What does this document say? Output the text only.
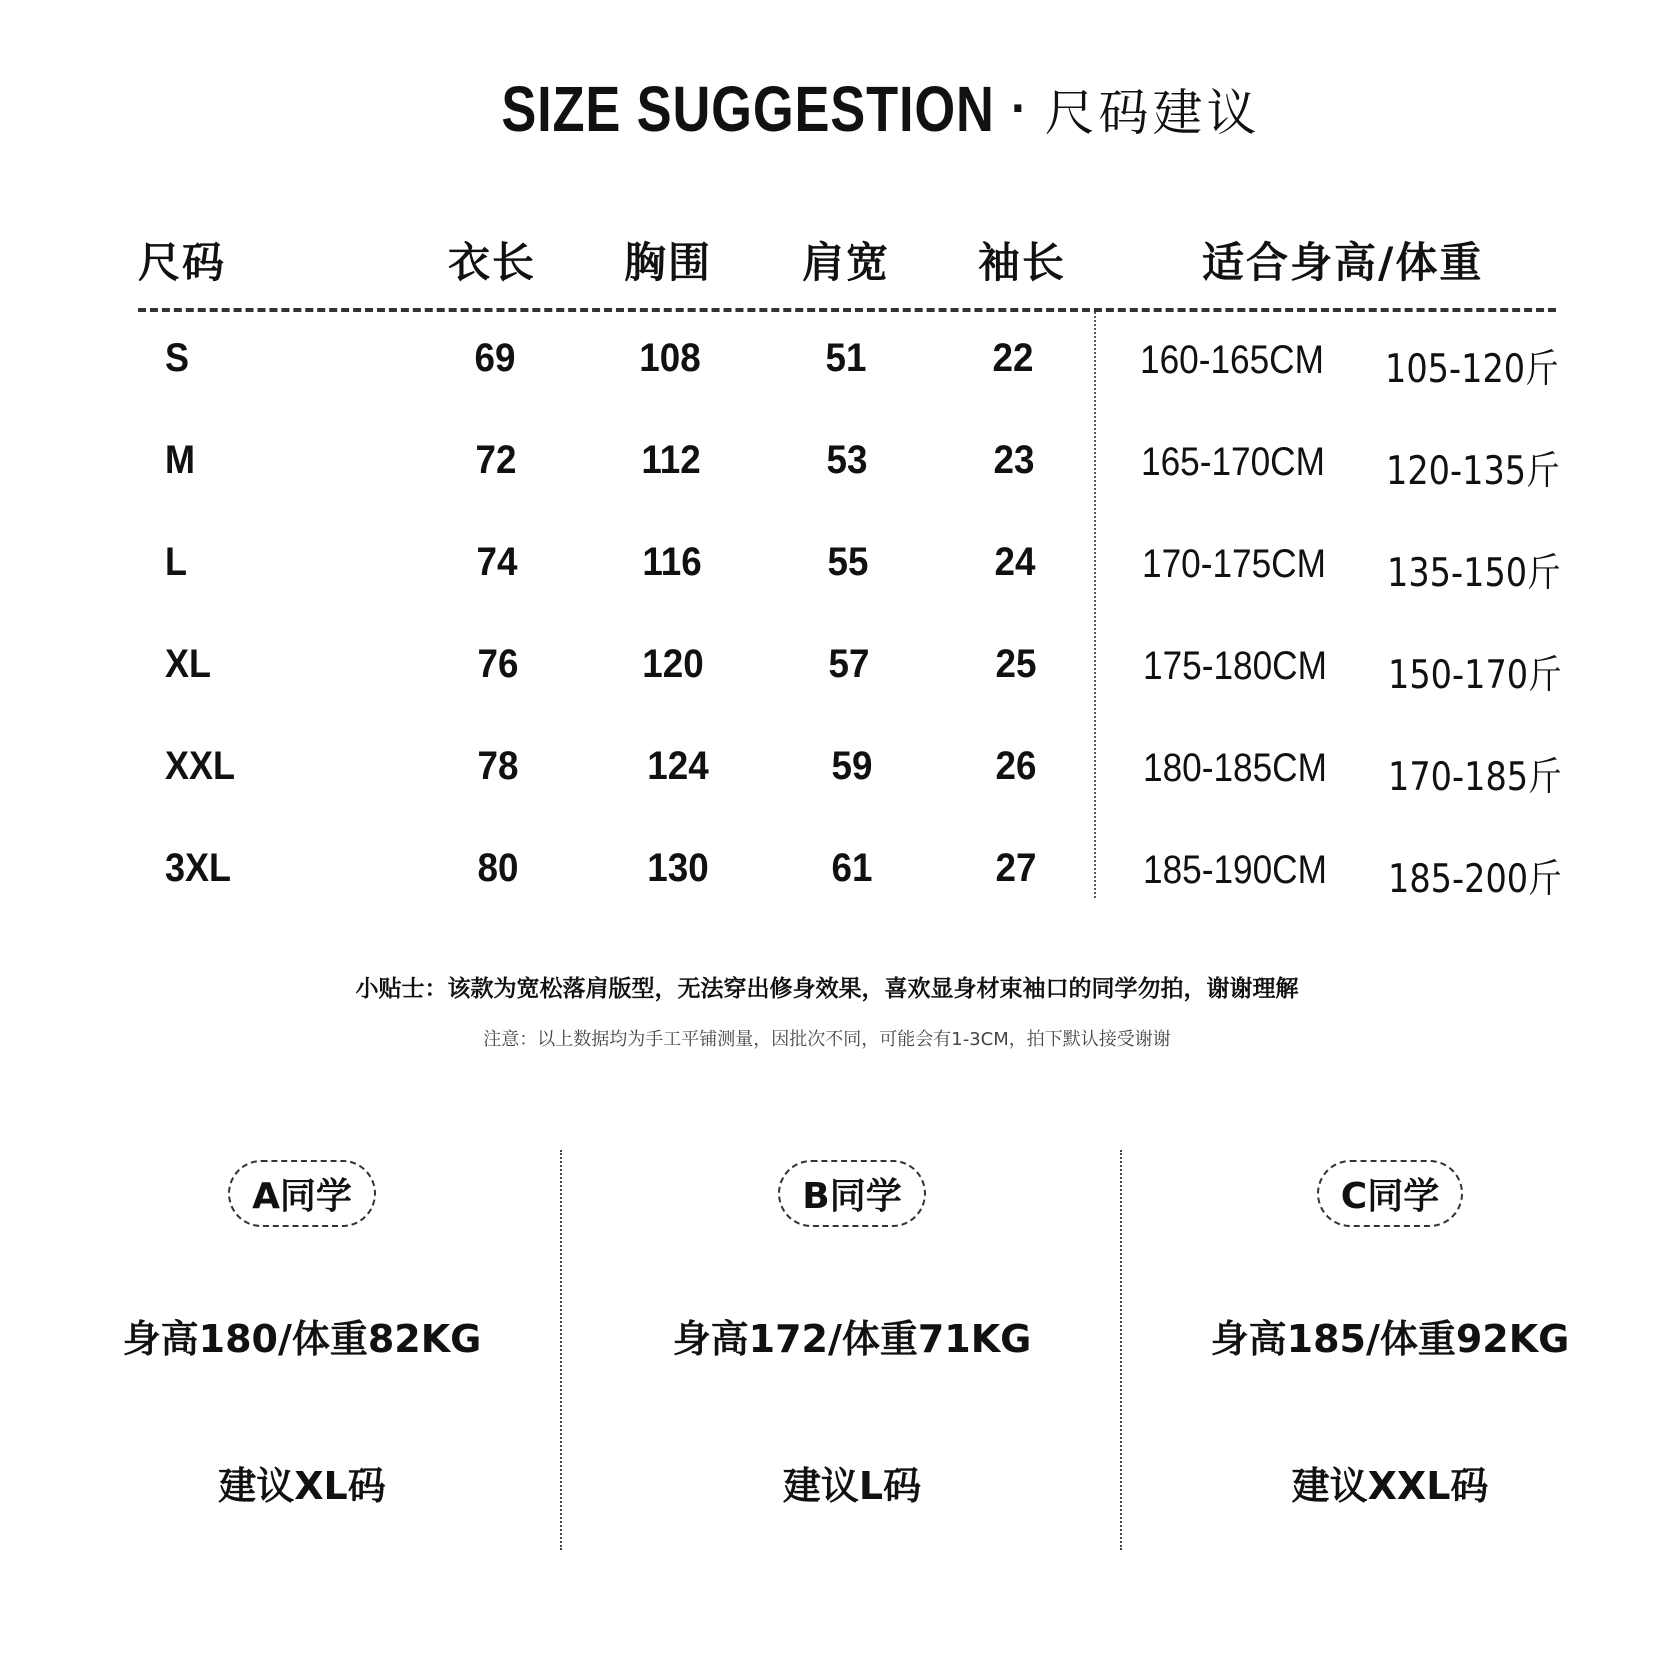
SIZE SUGGESTION · 尺码建议
尺码	衣长 胸围 肩宽 袖长	适合身高/体重
S	69	108	51	22	160-165CM 105-120斤
M	72	112	53	23	165-170CM 120-135斤
L	74	116	55	24	170-175CM 135-150斤
XL	76	120	57	25	175-180CM 150-170斤
XXL	78	124	59	26	180-185CM 170-185斤
3XL	80	130	61	27	185-190CM 185-200斤
小贴士：该款为宽松落肩版型，无法穿出修身效果，喜欢显身材束袖口的同学勿拍，谢谢理解
注意：以上数据均为手工平铺测量，因批次不同，可能会有1-3CM，拍下默认接受谢谢
A同学
身高180/体重82KG
建议XL码
B同学
身高172/体重71KG
建议L码
C同学
身高185/体重92KG
建议XXL码
